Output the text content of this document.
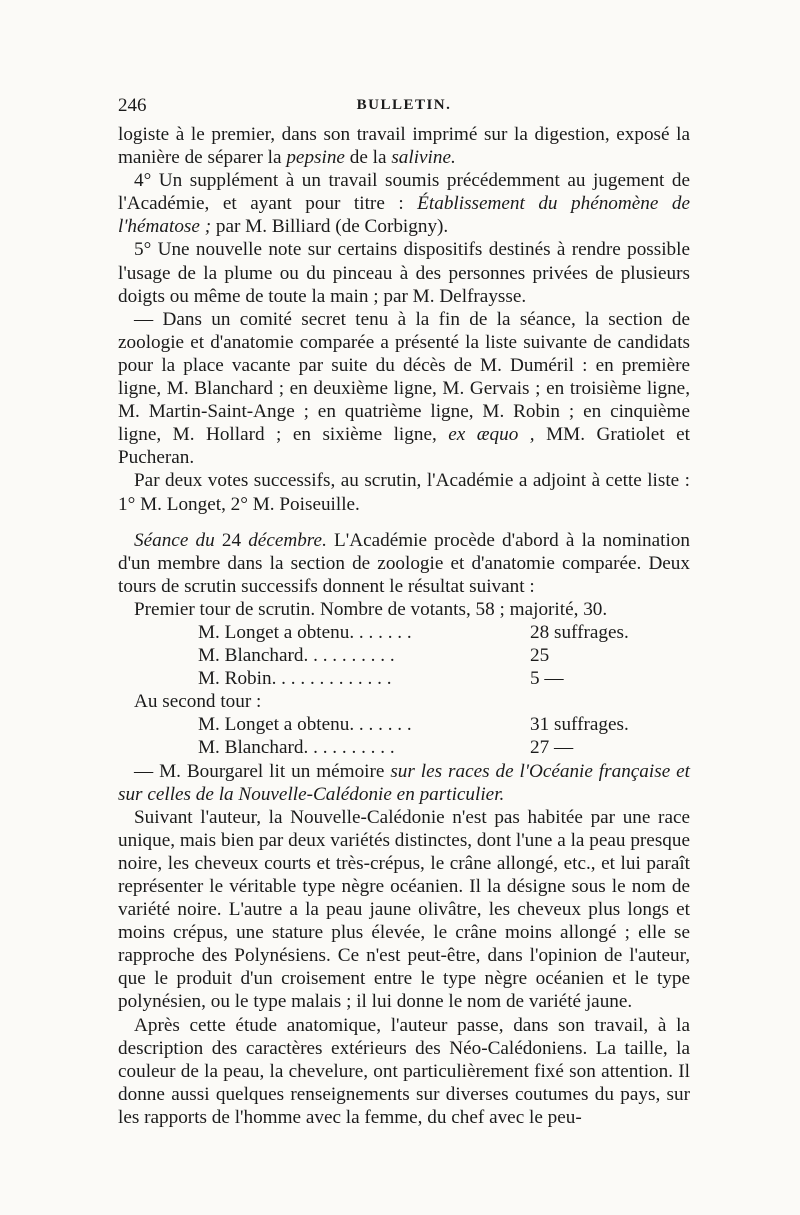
246	BULLETIN.

logiste à le premier, dans son travail imprimé sur la digestion, exposé la manière de séparer la pepsine de la salivine.

4° Un supplément à un travail soumis précédemment au jugement de l'Académie, et ayant pour titre : Établissement du phénomène de l'hématose ; par M. Billiard (de Corbigny).

5° Une nouvelle note sur certains dispositifs destinés à rendre possible l'usage de la plume ou du pinceau à des personnes privées de plusieurs doigts ou même de toute la main ; par M. Delfraysse.

— Dans un comité secret tenu à la fin de la séance, la section de zoologie et d'anatomie comparée a présenté la liste suivante de candidats pour la place vacante par suite du décès de M. Duméril : en première ligne, M. Blanchard ; en deuxième ligne, M. Gervais ; en troisième ligne, M. Martin-Saint-Ange ; en quatrième ligne, M. Robin ; en cinquième ligne, M. Hollard ; en sixième ligne, ex æquo , MM. Gratiolet et Pucheran.

Par deux votes successifs, au scrutin, l'Académie a adjoint à cette liste : 1° M. Longet, 2° M. Poiseuille.

Séance du 24 décembre. L'Académie procède d'abord à la nomination d'un membre dans la section de zoologie et d'anatomie comparée. Deux tours de scrutin successifs donnent le résultat suivant :

Premier tour de scrutin. Nombre de votants, 58 ; majorité, 30.

M. Longet a obtenu. . . . . . .	28 suffrages.
M. Blanchard. . . . . . . . . .	25
M. Robin. . . . . . . . . . . . .	5 —

Au second tour :

M. Longet a obtenu. . . . . . .	31 suffrages.
M. Blanchard. . . . . . . . . .	27 —

— M. Bourgarel lit un mémoire sur les races de l'Océanie française et sur celles de la Nouvelle-Calédonie en particulier.

Suivant l'auteur, la Nouvelle-Calédonie n'est pas habitée par une race unique, mais bien par deux variétés distinctes, dont l'une a la peau presque noire, les cheveux courts et très-crépus, le crâne allongé, etc., et lui paraît représenter le véritable type nègre océanien. Il la désigne sous le nom de variété noire. L'autre a la peau jaune olivâtre, les cheveux plus longs et moins crépus, une stature plus élevée, le crâne moins allongé ; elle se rapproche des Polynésiens. Ce n'est peut-être, dans l'opinion de l'auteur, que le produit d'un croisement entre le type nègre océanien et le type polynésien, ou le type malais ; il lui donne le nom de variété jaune.

Après cette étude anatomique, l'auteur passe, dans son travail, à la description des caractères extérieurs des Néo-Calédoniens. La taille, la couleur de la peau, la chevelure, ont particulièrement fixé son attention. Il donne aussi quelques renseignements sur diverses coutumes du pays, sur les rapports de l'homme avec la femme, du chef avec le peu-
